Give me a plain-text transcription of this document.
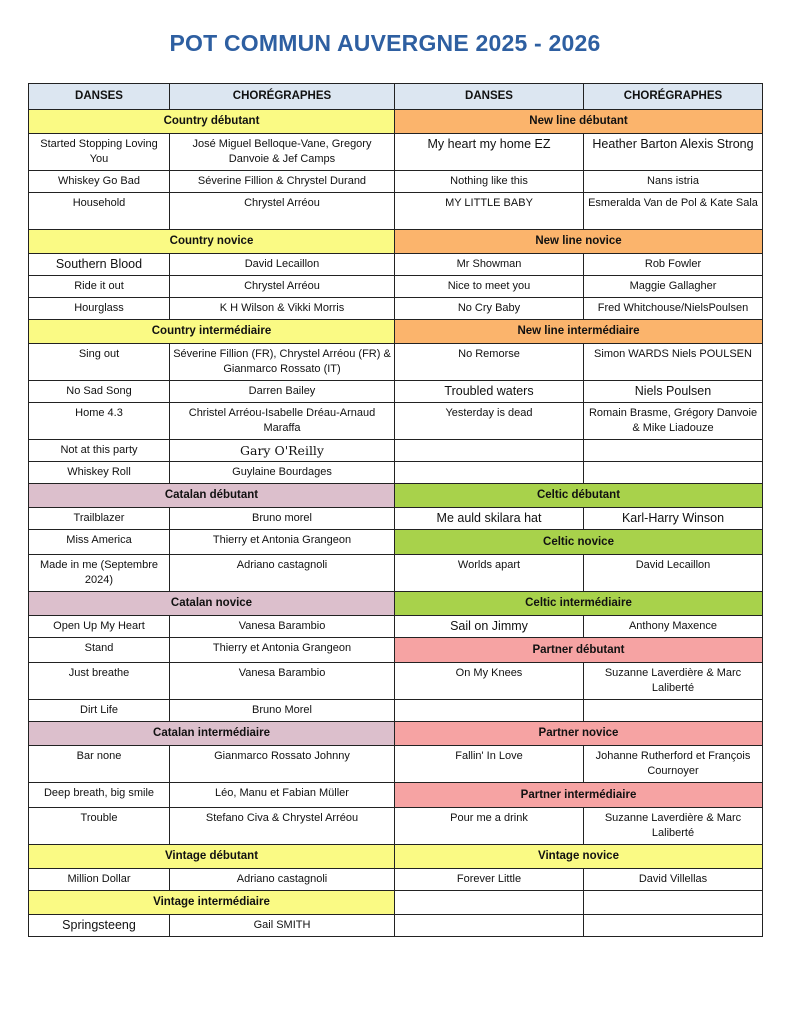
POT COMMUN AUVERGNE 2025 - 2026
DANSES	CHORÉGRAPHES	DANSES	CHORÉGRAPHES
Country débutant		New line débutant	
Started Stopping Loving You	José Miguel Belloque-Vane, Gregory Danvoie & Jef Camps	My heart my home EZ	Heather Barton Alexis Strong
Whiskey Go Bad	Séverine Fillion & Chrystel Durand	Nothing like this	Nans istria
Household	Chrystel Arréou	MY LITTLE BABY	Esmeralda Van de Pol & Kate Sala
Country novice		New line novice	
Southern Blood	David Lecaillon	Mr Showman	Rob Fowler
Ride it out	Chrystel Arréou	Nice to meet you	Maggie Gallagher
Hourglass	K H Wilson & Vikki Morris	No Cry Baby	Fred Whitchouse/NielsPoulsen
Country intermédiaire		New line intermédiaire	
Sing out	Séverine Fillion (FR), Chrystel Arréou (FR) & Gianmarco Rossato (IT)	No Remorse	Simon WARDS Niels POULSEN
No Sad Song	Darren Bailey	Troubled waters	Niels Poulsen
Home 4.3	Christel Arréou-Isabelle Dréau-Arnaud Maraffa	Yesterday is dead	Romain Brasme, Grégory Danvoie & Mike Liadouze
Not at this party	Gary O'Reilly		
Whiskey Roll	Guylaine Bourdages		
Catalan débutant		Celtic débutant	
Trailblazer	Bruno morel	Me auld skilara hat	Karl-Harry Winson
Miss America	Thierry et Antonia Grangeon	Celtic novice	
Made in me (Septembre 2024)	Adriano castagnoli	Worlds apart	David Lecaillon
Catalan novice		Celtic intermédiaire	
Open Up My Heart	Vanesa Barambio	Sail on Jimmy	Anthony Maxence
Stand	Thierry et Antonia Grangeon	Partner débutant	
Just breathe	Vanesa Barambio	On My Knees	Suzanne Laverdière & Marc Laliberté
Dirt Life	Bruno Morel		
Catalan intermédiaire		Partner novice	
Bar none	Gianmarco Rossato Johnny	Fallin' In Love	Johanne Rutherford et François Cournoyer
Deep breath, big smile	Léo, Manu et Fabian Müller	Partner intermédiaire	
Trouble	Stefano Civa & Chrystel Arréou	Pour me a drink	Suzanne Laverdière & Marc Laliberté
Vintage débutant		Vintage novice	
Million Dollar	Adriano castagnoli	Forever Little	David Villellas
Vintage intermédiaire			
Springsteeng	Gail SMITH		
